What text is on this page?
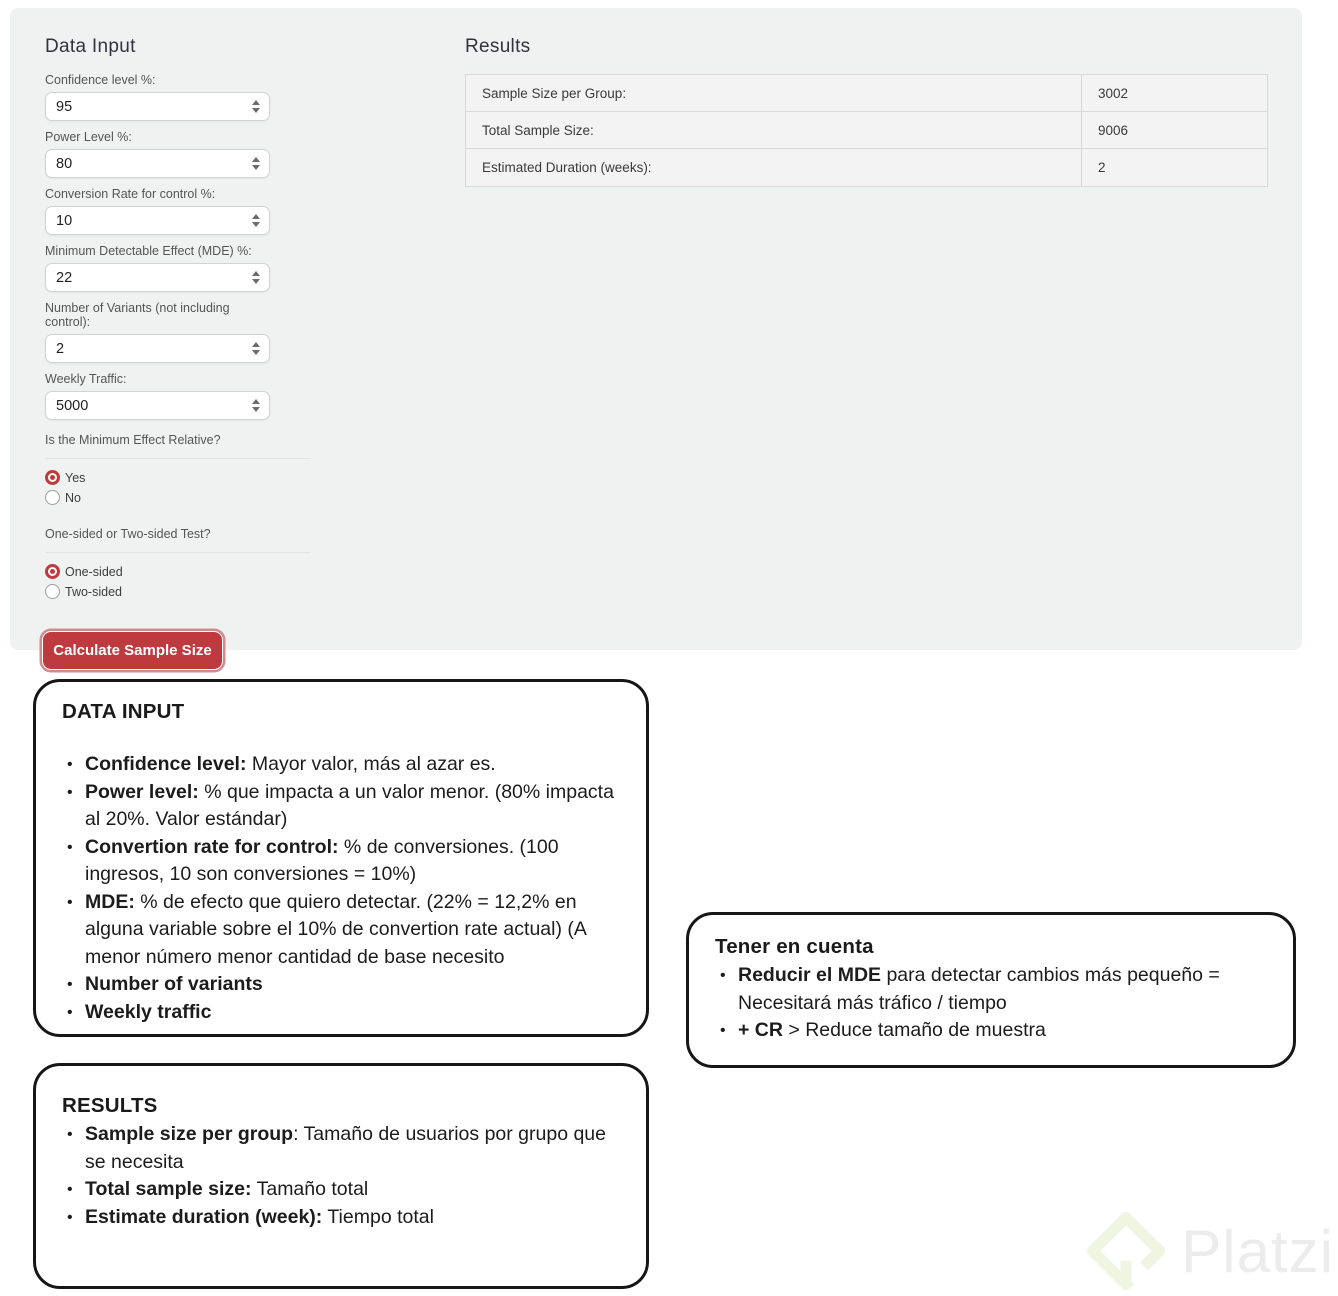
Data Input
Confidence level %:
95
Power Level %:
80
Conversion Rate for control %:
10
Minimum Detectable Effect (MDE) %:
22
Number of Variants (not including control):
2
Weekly Traffic:
5000
Is the Minimum Effect Relative?
Yes
No
One-sided or Two-sided Test?
One-sided
Two-sided
Calculate Sample Size
Results
Sample Size per Group:	3002
Total Sample Size:	9006
Estimated Duration (weeks):	2
DATA INPUT
• Confidence level: Mayor valor, más al azar es.
• Power level: % que impacta a un valor menor. (80% impacta al 20%. Valor estándar)
• Convertion rate for control: % de conversiones. (100 ingresos, 10 son conversiones = 10%)
• MDE: % de efecto que quiero detectar. (22% = 12,2% en alguna variable sobre el 10% de convertion rate actual) (A menor número menor cantidad de base necesito
• Number of variants
• Weekly traffic
Tener en cuenta
• Reducir el MDE para detectar cambios más pequeño = Necesitará más tráfico / tiempo
• + CR > Reduce tamaño de muestra
RESULTS
• Sample size per group: Tamaño de usuarios por grupo que se necesita
• Total sample size: Tamaño total
• Estimate duration (week): Tiempo total
Platzi
